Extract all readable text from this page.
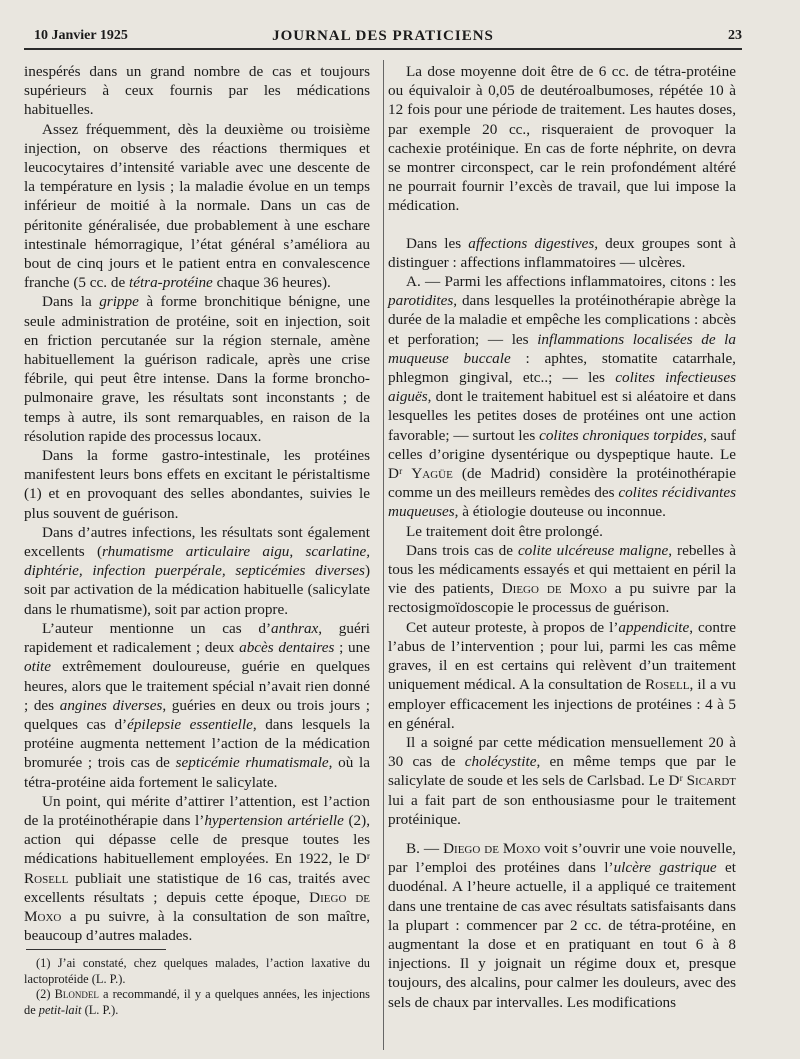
10 Janvier 1925	JOURNAL DES PRATICIENS	23

inespérés dans un grand nombre de cas et toujours supérieurs à ceux fournis par les médications habituelles.

Assez fréquemment, dès la deuxième ou troisième injection, on observe des réactions thermiques et leucocytaires d’intensité variable avec une descente de la température en lysis ; la maladie évolue en un temps inférieur de moitié à la normale. Dans un cas de péritonite généralisée, due probablement à une eschare intestinale hémorragique, l’état général s’améliora au bout de cinq jours et le patient entra en convalescence franche (5 cc. de tétra-protéine chaque 36 heures).

Dans la grippe à forme bronchitique bénigne, une seule administration de protéine, soit en injection, soit en friction percutanée sur la région sternale, amène habituellement la guérison radicale, après une crise fébrile, qui peut être intense. Dans la forme broncho-pulmonaire grave, les résultats sont inconstants ; de temps à autre, ils sont remarquables, en raison de la résolution rapide des processus locaux.

Dans la forme gastro-intestinale, les protéines manifestent leurs bons effets en excitant le péristaltisme (1) et en provoquant des selles abondantes, suivies le plus souvent de guérison.

Dans d’autres infections, les résultats sont également excellents (rhumatisme articulaire aigu, scarlatine, diphtérie, infection puerpérale, septicémies diverses) soit par activation de la médication habituelle (salicylate dans le rhumatisme), soit par action propre.

L’auteur mentionne un cas d’anthrax, guéri rapidement et radicalement ; deux abcès dentaires ; une otite extrêmement douloureuse, guérie en quelques heures, alors que le traitement spécial n’avait rien donné ; des angines diverses, guéries en deux ou trois jours ; quelques cas d’épilepsie essentielle, dans lesquels la protéine augmenta nettement l’action de la médication bromurée ; trois cas de septicémie rhumatismale, où la tétra-protéine aida fortement le salicylate.

Un point, qui mérite d’attirer l’attention, est l’action de la protéinothérapie dans l’hypertension artérielle (2), action qui dépasse celle de presque toutes les médications habituellement employées. En 1922, le Dʳ Rosell publiait une statistique de 16 cas, traités avec excellents résultats ; depuis cette époque, Diego de Moxo a pu suivre, à la consultation de son maître, beaucoup d’autres malades.

(1) J’ai constaté, chez quelques malades, l’action laxative du lactoprotéide (L. P.).

(2) Blondel a recommandé, il y a quelques années, les injections de petit-lait (L. P.).

La dose moyenne doit être de 6 cc. de tétra-protéine ou équivaloir à 0,05 de deutéroalbumoses, répétée 10 à 12 fois pour une période de traitement. Les hautes doses, par exemple 20 cc., risqueraient de provoquer la cachexie protéinique. En cas de forte néphrite, on devra se montrer circonspect, car le rein profondément altéré ne pourrait fournir l’excès de travail, que lui impose la médication.

Dans les affections digestives, deux groupes sont à distinguer : affections inflammatoires — ulcères.

A. — Parmi les affections inflammatoires, citons : les parotidites, dans lesquelles la protéinothérapie abrège la durée de la maladie et empêche les complications : abcès et perforation; — les inflammations localisées de la muqueuse buccale : aphtes, stomatite catarrhale, phlegmon gingival, etc..; — les colites infectieuses aiguës, dont le traitement habituel est si aléatoire et dans lesquelles les petites doses de protéines ont une action favorable; — surtout les colites chroniques torpides, sauf celles d’origine dysentérique ou dyspeptique haute. Le Dʳ Yagüe (de Madrid) considère la protéinothérapie comme un des meilleurs remèdes des colites récidivantes muqueuses, à étiologie douteuse ou inconnue.

Le traitement doit être prolongé.

Dans trois cas de colite ulcéreuse maligne, rebelles à tous les médicaments essayés et qui mettaient en péril la vie des patients, Diego de Moxo a pu suivre par la rectosigmoïdoscopie le processus de guérison.

Cet auteur proteste, à propos de l’appendicite, contre l’abus de l’intervention ; pour lui, parmi les cas même graves, il en est certains qui relèvent d’un traitement uniquement médical. A la consultation de Rosell, il a vu employer efficacement les injections de protéines : 4 à 5 en général.

Il a soigné par cette médication mensuellement 20 à 30 cas de cholécystite, en même temps que par le salicylate de soude et les sels de Carlsbad. Le Dʳ Sicardt lui a fait part de son enthousiasme pour le traitement protéinique.

B. — Diego de Moxo voit s’ouvrir une voie nouvelle, par l’emploi des protéines dans l’ulcère gastrique et duodénal. A l’heure actuelle, il a appliqué ce traitement dans une trentaine de cas avec résultats satisfaisants dans la plupart : commencer par 2 cc. de tétra-protéine, en augmentant la dose et en pratiquant en tout 6 à 8 injections. Il y joignait un régime doux et, presque toujours, des alcalins, pour calmer les douleurs, avec des sels de chaux par intervalles. Les modifications
